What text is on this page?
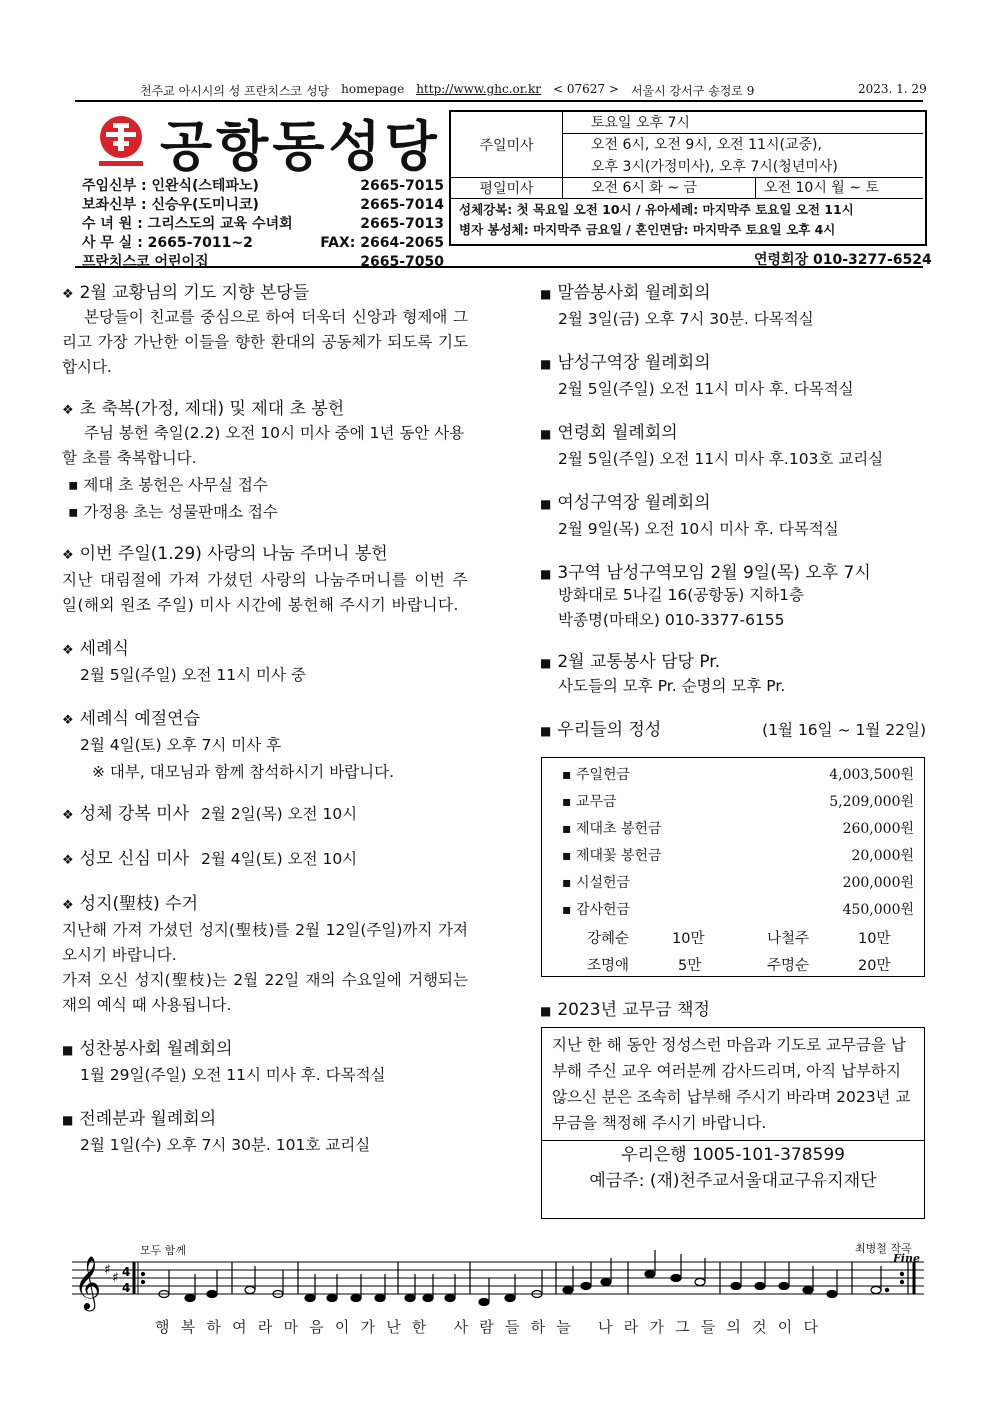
천주교 아시시의 성 프란치스코 성당 homepage http://www.ghc.or.kr < 07627 > 서울시 강서구 송정로 9	2023. 1. 29
공항동성당
주임신부 : 인완식(스테파노)	2665-7015
보좌신부 : 신승우(도미니코)	2665-7014
수 녀 원 : 그리스도의 교육 수녀회	2665-7013
사 무 실 : 2665-7011~2	FAX: 2664-2065
프란치스코 어린이집	2665-7050
주일미사
토요일 오후 7시
오전 6시, 오전 9시, 오전 11시(교중),
오후 3시(가정미사), 오후 7시(청년미사)
평일미사	오전 6시 화 ~ 금	오전 10시 월 ~ 토
성체강복: 첫 목요일 오전 10시 / 유아세례: 마지막주 토요일 오전 11시
병자 봉성체: 마지막주 금요일 / 혼인면담: 마지막주 토요일 오후 4시
연령회장 010-3277-6524
❖ 2월 교황님의 기도 지향 본당들

본당들이 친교를 중심으로 하여 더욱더 신앙과 형제애 그리고 가장 가난한 이들을 향한 환대의 공동체가 되도록 기도합시다.

❖ 초 축복(가정, 제대) 및 제대 초 봉헌

주님 봉헌 축일(2.2) 오전 10시 미사 중에 1년 동안 사용할 초를 축복합니다.

▪ 제대 초 봉헌은 사무실 접수

▪ 가정용 초는 성물판매소 접수

❖ 이번 주일(1.29) 사랑의 나눔 주머니 봉헌

지난 대림절에 가져 가셨던 사랑의 나눔주머니를 이번 주일(해외 원조 주일) 미사 시간에 봉헌해 주시기 바랍니다.

❖ 세례식

2월 5일(주일) 오전 11시 미사 중

❖ 세례식 예절연습

2월 4일(토) 오후 7시 미사 후

※ 대부, 대모님과 함께 참석하시기 바랍니다.

❖ 성체 강복 미사 2월 2일(목) 오전 10시
❖ 성모 신심 미사 2월 4일(토) 오전 10시
❖ 성지(聖枝) 수거

지난해 가져 가셨던 성지(聖枝)를 2월 12일(주일)까지 가져 오시기 바랍니다.

가져 오신 성지(聖枝)는 2월 22일 재의 수요일에 거행되는 재의 예식 때 사용됩니다.

■ 성찬봉사회 월례회의

1월 29일(주일) 오전 11시 미사 후. 다목적실

■ 전례분과 월례회의

2월 1일(수) 오후 7시 30분. 101호 교리실

■ 말씀봉사회 월례회의

2월 3일(금) 오후 7시 30분. 다목적실

■ 남성구역장 월례회의

2월 5일(주일) 오전 11시 미사 후. 다목적실

■ 연령회 월례회의

2월 5일(주일) 오전 11시 미사 후.103호 교리실

■ 여성구역장 월례회의

2월 9일(목) 오전 10시 미사 후. 다목적실

■ 3구역 남성구역모임 2월 9일(목) 오후 7시

방화대로 5나길 16(공항동) 지하1층

박종명(마태오) 010-3377-6155

■ 2월 교통봉사 담당 Pr.

사도들의 모후 Pr. 순명의 모후 Pr.

■ 우리들의 정성	(1월 16일 ~ 1월 22일)
▪ 주일헌금	4,003,500원
▪ 교무금	5,209,000원
▪ 제대초 봉헌금	260,000원
▪ 제대꽃 봉헌금	20,000원
▪ 시설헌금	200,000원
▪ 감사헌금	450,000원
강혜순	10만	나철주	10만
조명애	5만	주명순	20만
■ 2023년 교무금 책정
지난 한 해 동안 정성스런 마음과 기도로 교무금을 납부해 주신 교우 여러분께 감사드리며, 아직 납부하지 않으신 분은 조속히 납부해 주시기 바라며 2023년 교무금을 책정해 주시기 바랍니다.
우리은행 1005-101-378599
예금주: (재)천주교서울대교구유지재단
모두 함께	최병철 작곡
Fine
𝄞 ♯ ♯ 4
4
행복하여라마음이가난한 사람들하늘 나라가그들의것이다
